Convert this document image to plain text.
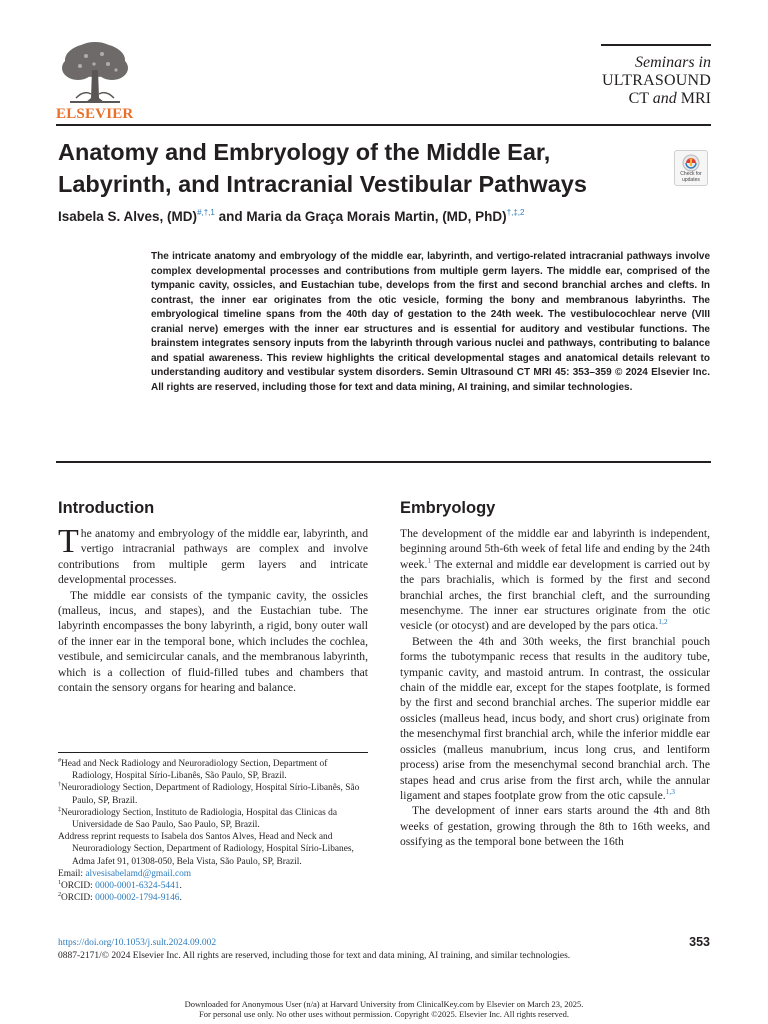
ELSEVIER
Seminars in
ULTRASOUND
CT and MRI
Anatomy and Embryology of the Middle Ear,
Labyrinth, and Intracranial Vestibular Pathways	Check for
updates
Isabela S. Alves, (MD)$^{\#,\dagger,1}$ and Maria da Graça Morais Martin, (MD, PhD)$^{\dagger,\ddagger,2}$
The intricate anatomy and embryology of the middle ear, labyrinth, and vertigo-related intracranial pathways involve complex developmental processes and contributions from multiple germ layers. The middle ear, comprised of the tympanic cavity, ossicles, and Eustachian tube, develops from the first and second branchial arches and clefts. In contrast, the inner ear originates from the otic vesicle, forming the bony and membranous labyrinths. The embryological timeline spans from the 40th day of gestation to the 24th week. The vestibulocochlear nerve (VIII cranial nerve) emerges with the inner ear structures and is essential for auditory and vestibular functions. The brainstem integrates sensory inputs from the labyrinth through various nuclei and pathways, contributing to balance and spatial awareness. This review highlights the critical developmental stages and anatomical details relevant to understanding auditory and vestibular system disorders. Semin Ultrasound CT MRI 45: 353–359 © 2024 Elsevier Inc. All rights are reserved, including those for text and data mining, AI training, and similar technologies.
Introduction

The anatomy and embryology of the middle ear, labyrinth, and vertigo intracranial pathways are complex and involve contributions from multiple germ layers and intricate developmental processes.

The middle ear consists of the tympanic cavity, the ossicles (malleus, incus, and stapes), and the Eustachian tube. The labyrinth encompasses the bony labyrinth, a rigid, bony outer wall of the inner ear in the temporal bone, which includes the cochlea, vestibule, and semicircular canals, and the membranous labyrinth, which is a collection of fluid-filled tubes and chambers that contain the sensory organs for hearing and balance.

#Head and Neck Radiology and Neuroradiology Section, Department of Radiology, Hospital Sírio-Libanês, São Paulo, SP, Brazil.
†Neuroradiology Section, Department of Radiology, Hospital Sírio-Libanês, São Paulo, SP, Brazil.
‡Neuroradiology Section, Instituto de Radiologia, Hospital das Clinicas da Universidade de Sao Paulo, Sao Paulo, SP, Brazil.
Address reprint requests to Isabela dos Santos Alves, Head and Neck and Neuroradiology Section, Department of Radiology, Hospital Sírio-Libanes, Adma Jafet 91, 01308-050, Bela Vista, São Paulo, SP, Brazil.
Email: alvesisabelamd@gmail.com
$^1$ORCID: 0000-0001-6324-5441.
$^2$ORCID: 0000-0002-1794-9146.
Embryology

The development of the middle ear and labyrinth is independent, beginning around 5th-6th week of fetal life and ending by the 24th week.$^1$ The external and middle ear development is carried out by the pars brachialis, which is formed by the first and second branchial arches, the first branchial cleft, and the surrounding mesenchyme. The inner ear structures originate from the otic vesicle (or otocyst) and are developed by the pars otica.$^{1,2}$

Between the 4th and 30th weeks, the first branchial pouch forms the tubotympanic recess that results in the auditory tube, tympanic cavity, and mastoid antrum. In contrast, the ossicular chain of the middle ear, except for the stapes footplate, is formed by the first and second branchial arches. The superior middle ear ossicles (malleus head, incus body, and short crus) originate from the mesenchymal first branchial arch, while the inferior middle ear ossicles (malleus manubrium, incus long crus, and lentiform process) arise from the mesenchymal second branchial arch. The stapes head and crus arise from the first arch, while the annular ligament and stapes footplate grow from the otic capsule.$^{1,3}$

The development of inner ears starts around the 4th and 8th weeks of gestation, growing through the 8th to 16th weeks, and ossifying as the temporal bone between the 16th

https://doi.org/10.1053/j.sult.2024.09.002	353
0887-2171/© 2024 Elsevier Inc. All rights are reserved, including those for text and data mining, AI training, and similar technologies.
Downloaded for Anonymous User (n/a) at Harvard University from ClinicalKey.com by Elsevier on March 23, 2025.
For personal use only. No other uses without permission. Copyright ©2025. Elsevier Inc. All rights reserved.
